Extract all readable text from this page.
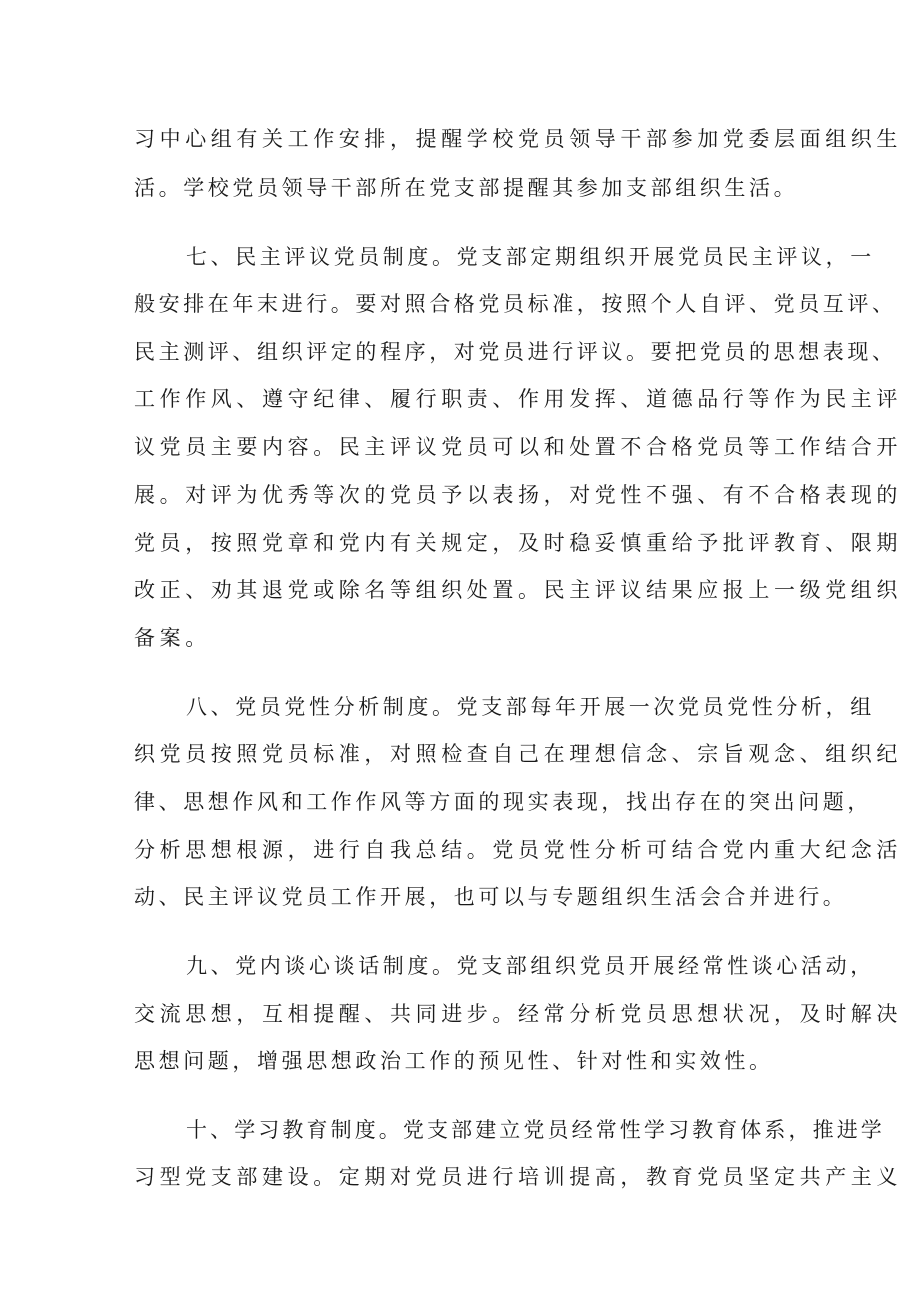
习中心组有关工作安排，提醒学校党员领导干部参加党委层面组织生
活。学校党员领导干部所在党支部提醒其参加支部组织生活。
七、民主评议党员制度。党支部定期组织开展党员民主评议，一
般安排在年末进行。要对照合格党员标准，按照个人自评、党员互评、
民主测评、组织评定的程序，对党员进行评议。要把党员的思想表现、
工作作风、遵守纪律、履行职责、作用发挥、道德品行等作为民主评
议党员主要内容。民主评议党员可以和处置不合格党员等工作结合开
展。对评为优秀等次的党员予以表扬，对党性不强、有不合格表现的
党员，按照党章和党内有关规定，及时稳妥慎重给予批评教育、限期
改正、劝其退党或除名等组织处置。民主评议结果应报上一级党组织
备案。
八、党员党性分析制度。党支部每年开展一次党员党性分析，组
织党员按照党员标准，对照检查自己在理想信念、宗旨观念、组织纪
律、思想作风和工作作风等方面的现实表现，找出存在的突出问题，
分析思想根源，进行自我总结。党员党性分析可结合党内重大纪念活
动、民主评议党员工作开展，也可以与专题组织生活会合并进行。
九、党内谈心谈话制度。党支部组织党员开展经常性谈心活动，
交流思想，互相提醒、共同进步。经常分析党员思想状况，及时解决
思想问题，增强思想政治工作的预见性、针对性和实效性。
十、学习教育制度。党支部建立党员经常性学习教育体系，推进学
习型党支部建设。定期对党员进行培训提高，教育党员坚定共产主义
